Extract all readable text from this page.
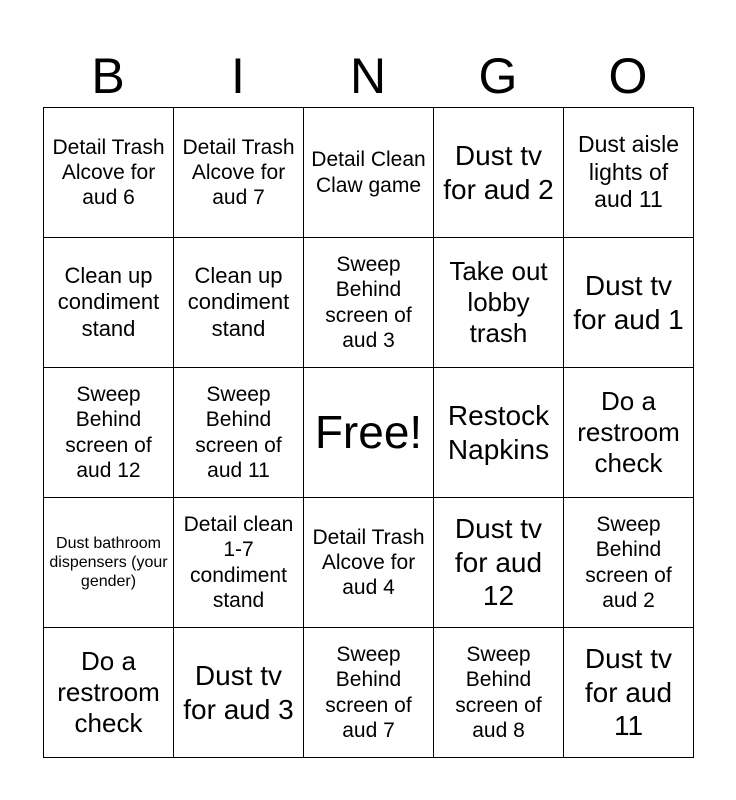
B	I	N	G	O
Detail Trash Alcove for aud 6	Detail Trash Alcove for aud 7	Detail Clean Claw game	Dust tv for aud 2	Dust aisle lights of aud 11
Clean up condiment stand	Clean up condiment stand	Sweep Behind screen of aud 3	Take out lobby trash	Dust tv for aud 1
Sweep Behind screen of aud 12	Sweep Behind screen of aud 11	Free!	Restock Napkins	Do a restroom check
Dust bathroom dispensers (your gender)	Detail clean 1-7 condiment stand	Detail Trash Alcove for aud 4	Dust tv for aud 12	Sweep Behind screen of aud 2
Do a restroom check	Dust tv for aud 3	Sweep Behind screen of aud 7	Sweep Behind screen of aud 8	Dust tv for aud 11
